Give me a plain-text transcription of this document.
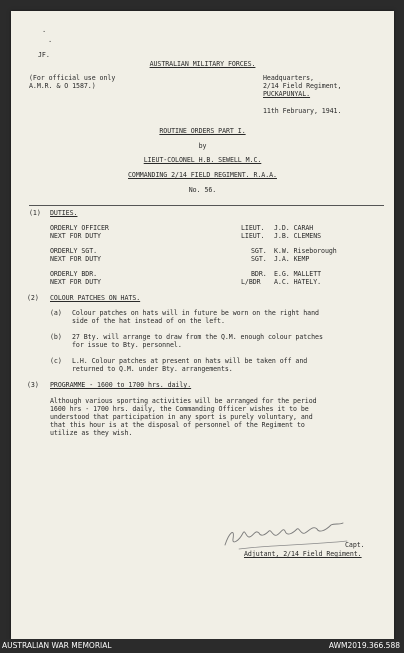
·
·
JF.
AUSTRALIAN MILITARY FORCES.
(For official use only
A.M.R. & O 1587.)
Headquarters,
2/14 Field Regiment,
PUCKAPUNYAL.
11th February, 1941.
ROUTINE ORDERS PART I.
by
LIEUT-COLONEL H.B. SEWELL M.C.
COMMANDING 2/14 FIELD REGIMENT. R.A.A.
No. 56.
(1) DUTIES.
ORDERLY OFFICER
NEXT FOR DUTY
LIEUT.
LIEUT.
J.D. CARAH
J.B. CLEMENS
ORDERLY SGT.
NEXT FOR DUTY
SGT.
SGT.
K.W. Riseborough
J.A. KEMP
ORDERLY BDR.
NEXT FOR DUTY
BDR.
L/BDR
E.G. MALLETT
A.C. HATELY.
(2) COLOUR PATCHES ON HATS.
(a) Colour patches on hats will in future be worn on the right hand
side of the hat instead of on the left.
(b) 27 Bty. will arrange to draw from the Q.M. enough colour patches
for issue to Bty. personnel.
(c) L.H. Colour patches at present on hats will be taken off and
returned to Q.M. under Bty. arrangements.
(3) PROGRAMME - 1600 to 1700 hrs. daily.
Although various sporting activities will be arranged for the period
1600 hrs - 1700 hrs. daily, the Commanding Officer wishes it to be
understood that participation in any sport is purely voluntary, and
that this hour is at the disposal of personnel of the Regiment to
utilize as they wish.
Capt.
Adjutant, 2/14 Field Regiment.
AUSTRALIAN WAR MEMORIAL	AWM2019.366.588
